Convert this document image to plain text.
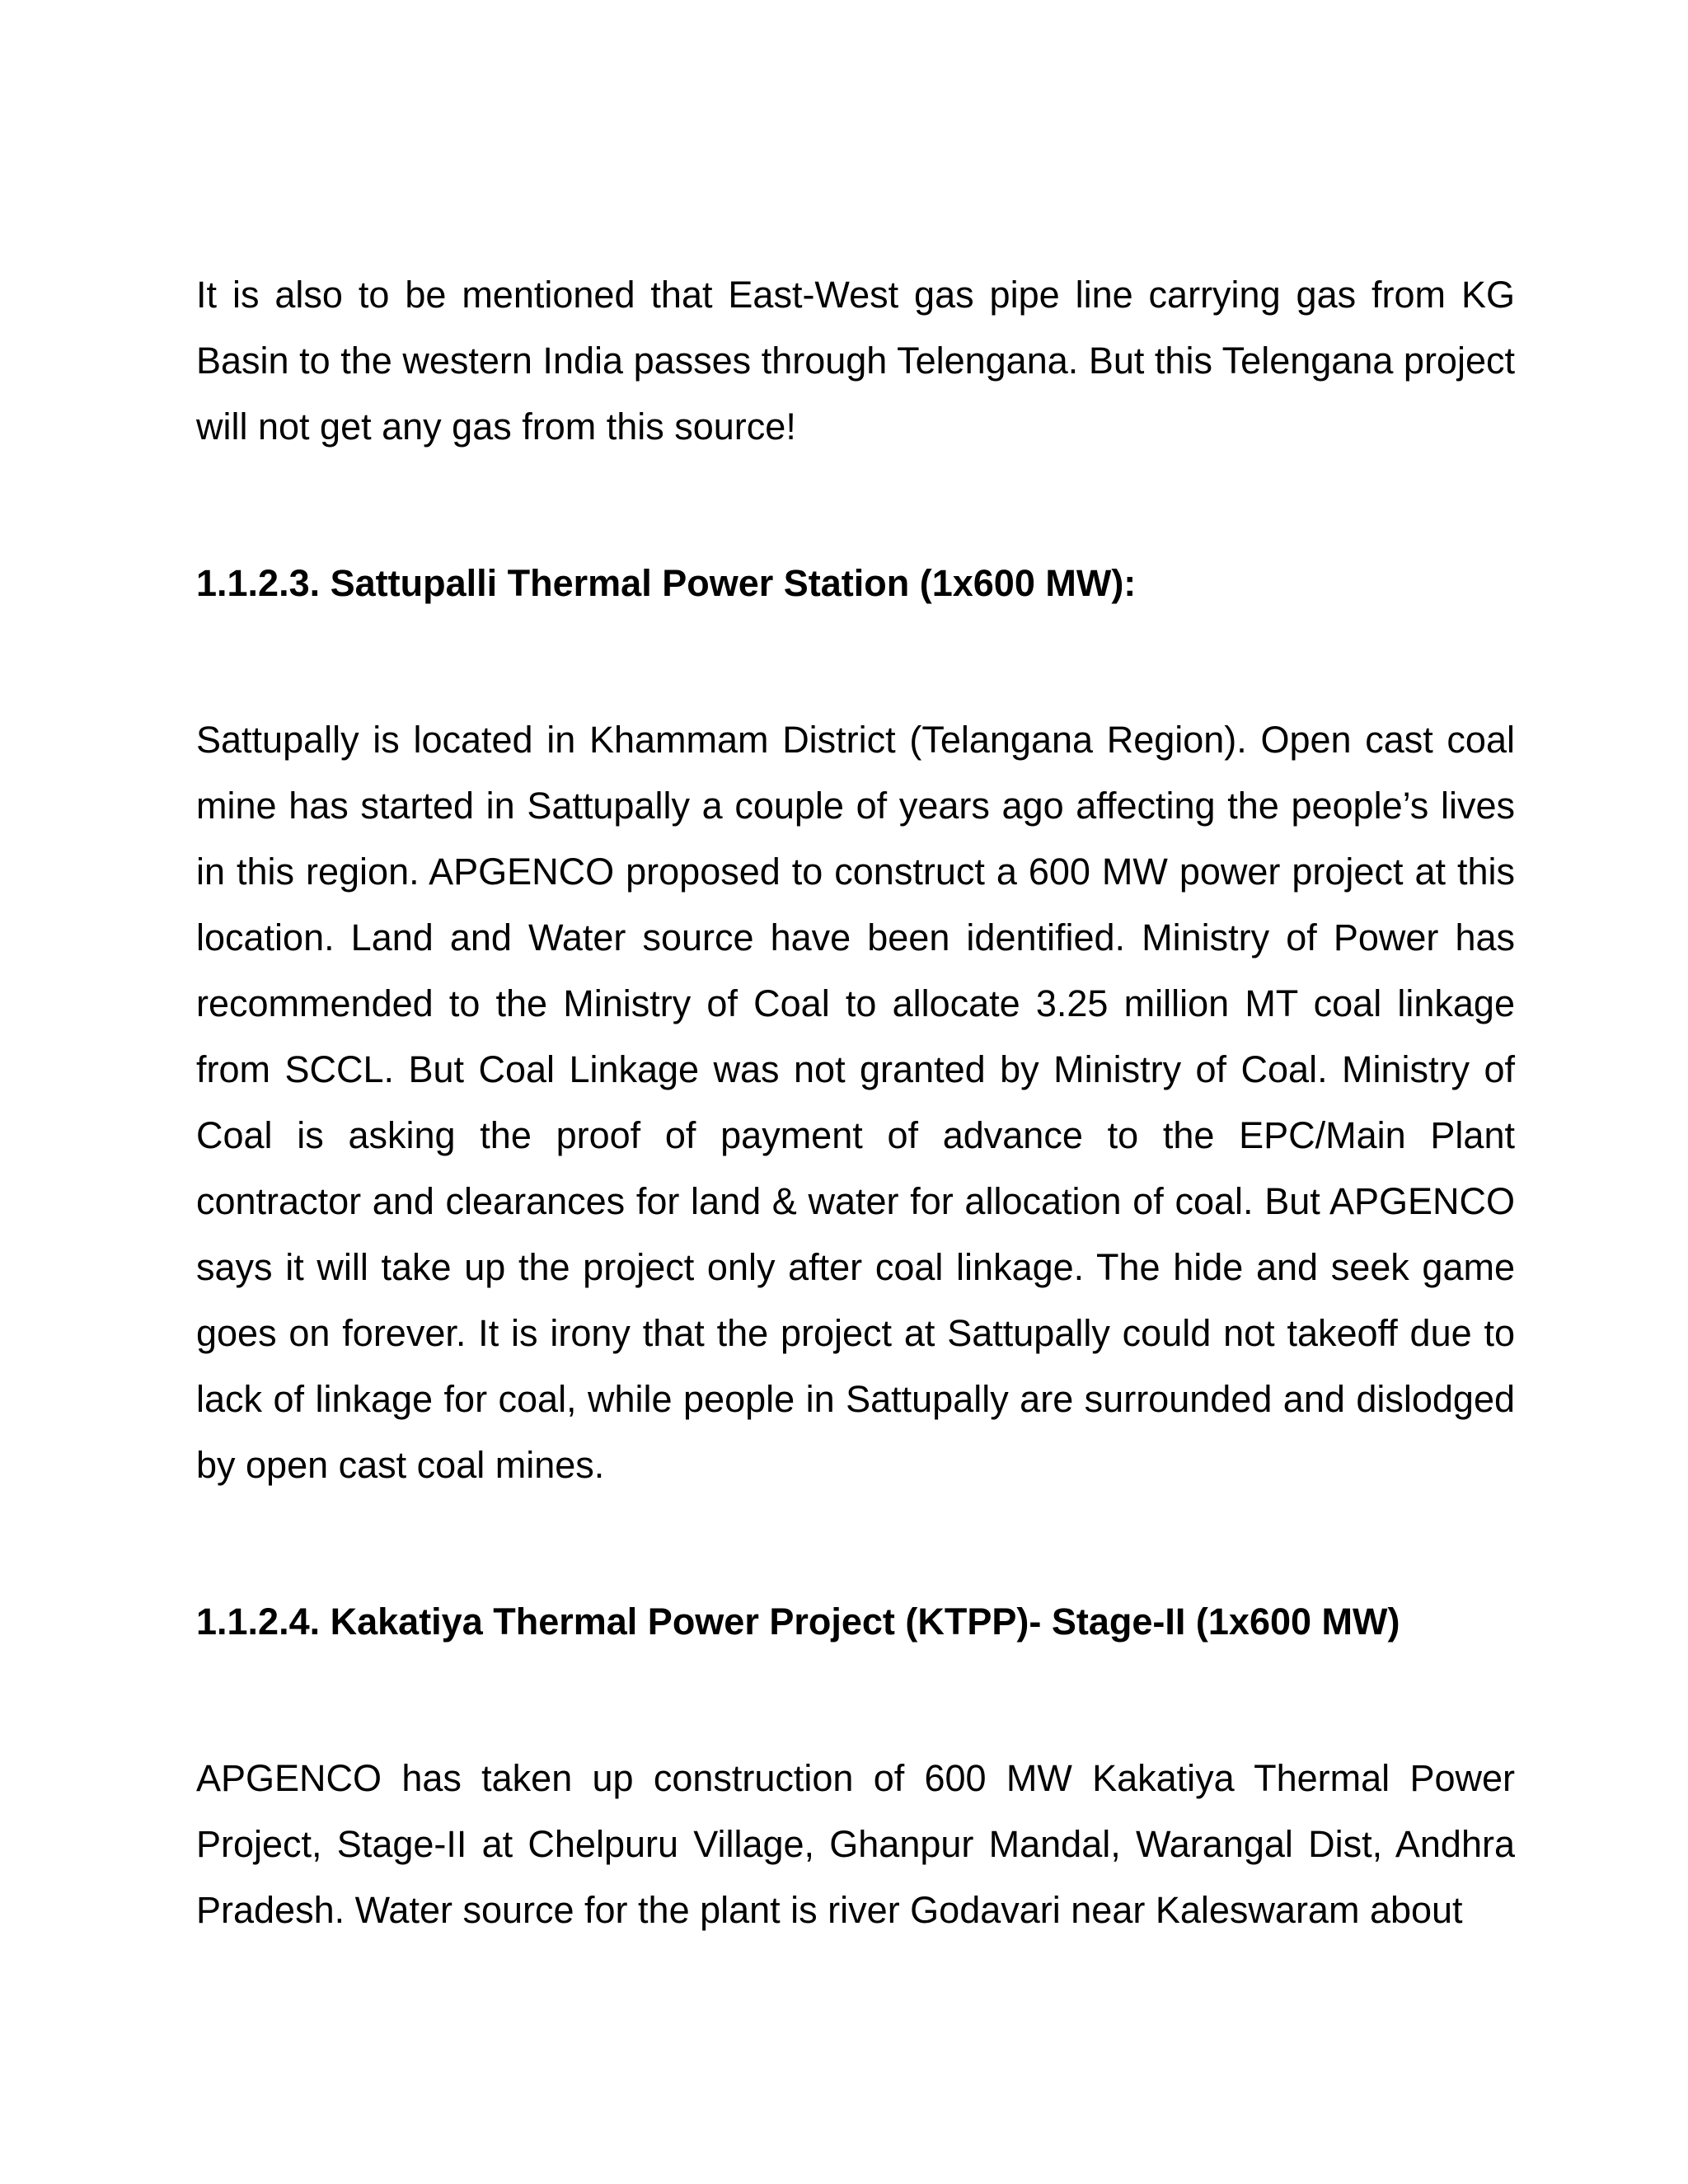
It is also to be mentioned that East-West gas pipe line carrying gas from KG Basin to the western India passes through Telengana. But this Telengana project will not get any gas from this source!

1.1.2.3. Sattupalli Thermal Power Station (1x600 MW):

Sattupally is located in Khammam District (Telangana Region). Open cast coal mine has started in Sattupally a couple of years ago affecting the people’s lives in this region. APGENCO proposed to construct a 600 MW power project at this location. Land and Water source have been identified. Ministry of Power has recommended to the Ministry of Coal to allocate 3.25 million MT coal linkage from SCCL. But Coal Linkage was not granted by Ministry of Coal. Ministry of Coal is asking the proof of payment of advance to the EPC/Main Plant contractor and clearances for land & water for allocation of coal. But APGENCO says it will take up the project only after coal linkage. The hide and seek game goes on forever. It is irony that the project at Sattupally could not takeoff due to lack of linkage for coal, while people in Sattupally are surrounded and dislodged by open cast coal mines.

1.1.2.4. Kakatiya Thermal Power Project (KTPP)- Stage-II (1x600 MW)

APGENCO has taken up construction of 600 MW Kakatiya Thermal Power Project, Stage-II at Chelpuru Village, Ghanpur Mandal, Warangal Dist, Andhra Pradesh. Water source for the plant is river Godavari near Kaleswaram about
